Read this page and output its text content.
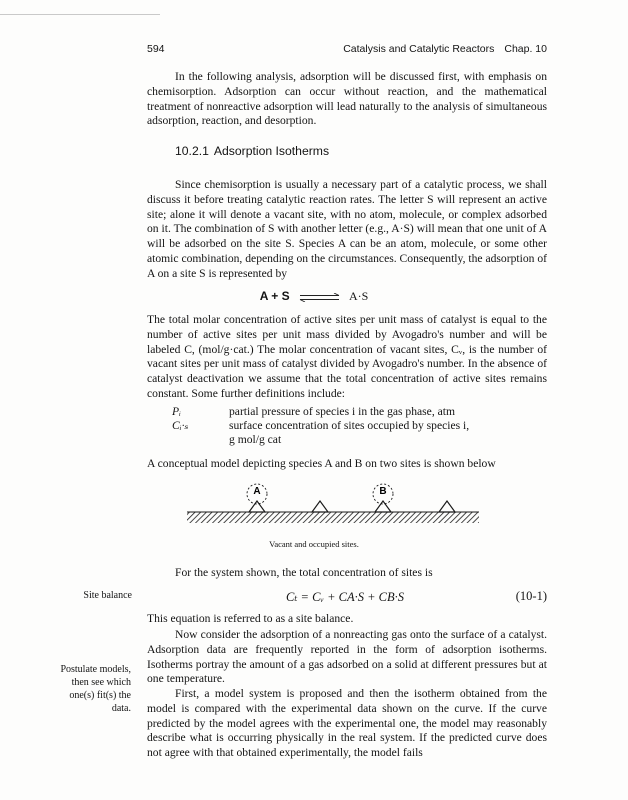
594	Catalysis and Catalytic Reactors Chap. 10

In the following analysis, adsorption will be discussed first, with emphasis on chemisorption. Adsorption can occur without reaction, and the mathematical treatment of nonreactive adsorption will lead naturally to the analysis of simultaneous adsorption, reaction, and desorption.

10.2.1 Adsorption Isotherms

Since chemisorption is usually a necessary part of a catalytic process, we shall discuss it before treating catalytic reaction rates. The letter S will represent an active site; alone it will denote a vacant site, with no atom, molecule, or complex adsorbed on it. The combination of S with another letter (e.g., A·S) will mean that one unit of A will be adsorbed on the site S. Species A can be an atom, molecule, or some other atomic combination, depending on the circumstances. Consequently, the adsorption of A on a site S is represented by

A + S ⇌ A·S

The total molar concentration of active sites per unit mass of catalyst is equal to the number of active sites per unit mass divided by Avogadro's number and will be labeled C, (mol/g·cat.) The molar concentration of vacant sites, Cᵥ, is the number of vacant sites per unit mass of catalyst divided by Avogadro's number. In the absence of catalyst deactivation we assume that the total concentration of active sites remains constant. Some further definitions include:

Pᵢ	partial pressure of species i in the gas phase, atm
Cᵢ·ₛ	surface concentration of sites occupied by species i,
g mol/g cat

A conceptual model depicting species A and B on two sites is shown below

A	B
Vacant and occupied sites.

For the system shown, the total concentration of sites is

Site balance	Cₜ = Cᵥ + CA·S + CB·S	(10-1)

This equation is referred to as a site balance.

Now consider the adsorption of a nonreacting gas onto the surface of a catalyst. Adsorption data are frequently reported in the form of adsorption isotherms. Isotherms portray the amount of a gas adsorbed on a solid at different pressures but at one temperature.

Postulate models, then see which one(s) fit(s) the data.

First, a model system is proposed and then the isotherm obtained from the model is compared with the experimental data shown on the curve. If the curve predicted by the model agrees with the experimental one, the model may reasonably describe what is occurring physically in the real system. If the predicted curve does not agree with that obtained experimentally, the model fails
